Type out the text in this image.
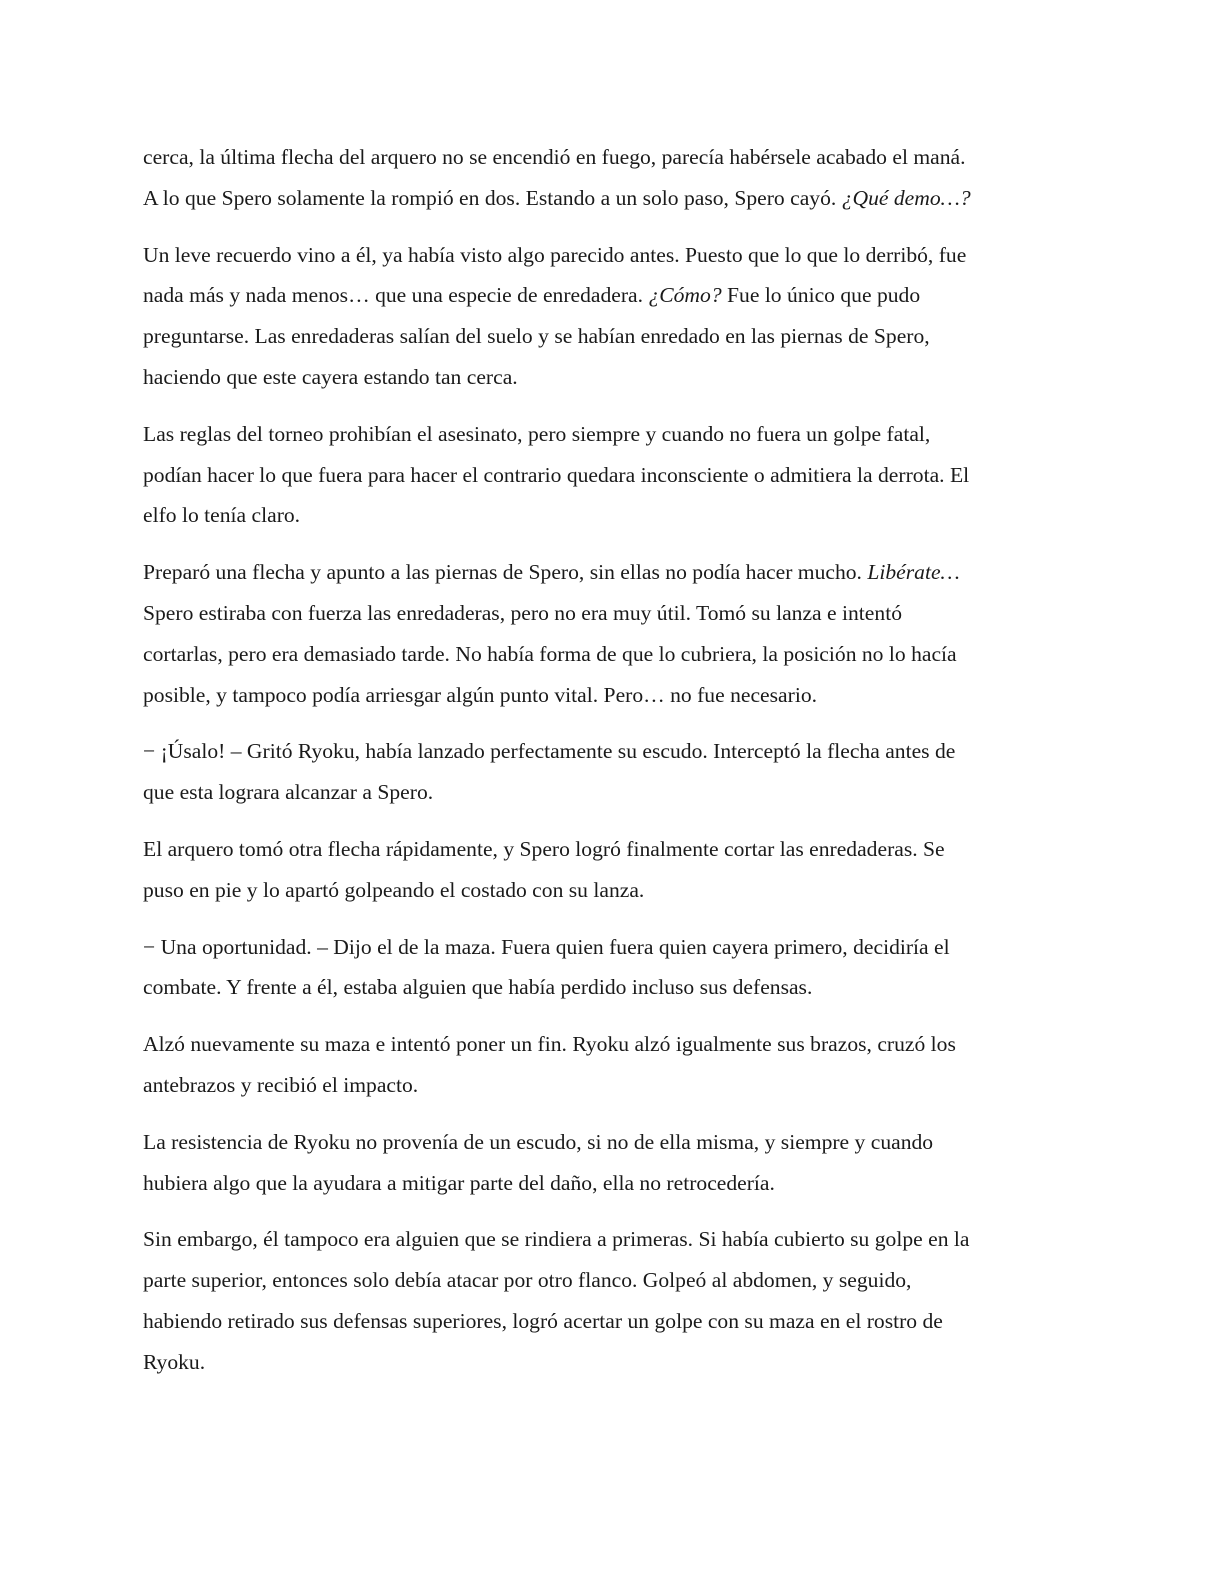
cerca, la última flecha del arquero no se encendió en fuego, parecía habérsele acabado el maná.
A lo que Spero solamente la rompió en dos. Estando a un solo paso, Spero cayó. ¿Qué demo…?

Un leve recuerdo vino a él, ya había visto algo parecido antes. Puesto que lo que lo derribó, fue
nada más y nada menos… que una especie de enredadera. ¿Cómo? Fue lo único que pudo
preguntarse. Las enredaderas salían del suelo y se habían enredado en las piernas de Spero,
haciendo que este cayera estando tan cerca.

Las reglas del torneo prohibían el asesinato, pero siempre y cuando no fuera un golpe fatal,
podían hacer lo que fuera para hacer el contrario quedara inconsciente o admitiera la derrota. El
elfo lo tenía claro.

Preparó una flecha y apunto a las piernas de Spero, sin ellas no podía hacer mucho. Libérate…
Spero estiraba con fuerza las enredaderas, pero no era muy útil. Tomó su lanza e intentó
cortarlas, pero era demasiado tarde. No había forma de que lo cubriera, la posición no lo hacía
posible, y tampoco podía arriesgar algún punto vital. Pero… no fue necesario.

− ¡Úsalo! – Gritó Ryoku, había lanzado perfectamente su escudo. Interceptó la flecha antes de
que esta lograra alcanzar a Spero.

El arquero tomó otra flecha rápidamente, y Spero logró finalmente cortar las enredaderas. Se
puso en pie y lo apartó golpeando el costado con su lanza.

− Una oportunidad. – Dijo el de la maza. Fuera quien fuera quien cayera primero, decidiría el
combate. Y frente a él, estaba alguien que había perdido incluso sus defensas.

Alzó nuevamente su maza e intentó poner un fin. Ryoku alzó igualmente sus brazos, cruzó los
antebrazos y recibió el impacto.

La resistencia de Ryoku no provenía de un escudo, si no de ella misma, y siempre y cuando
hubiera algo que la ayudara a mitigar parte del daño, ella no retrocedería.

Sin embargo, él tampoco era alguien que se rindiera a primeras. Si había cubierto su golpe en la
parte superior, entonces solo debía atacar por otro flanco. Golpeó al abdomen, y seguido,
habiendo retirado sus defensas superiores, logró acertar un golpe con su maza en el rostro de
Ryoku.
